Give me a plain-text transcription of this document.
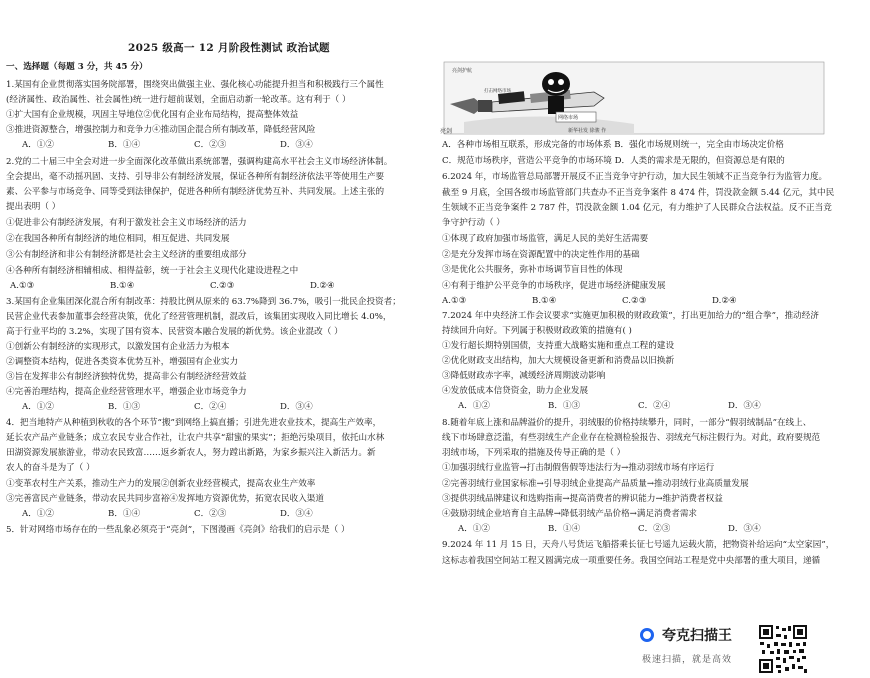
2025 级高一 12 月阶段性测试 政治试题
一、选择题（每题 3 分，共 45 分）
1.某国有企业贯彻落实国务院部署，围绕突出做强主业、强化核心功能提升担当和积极践行三个属性
(经济属性、政治属性、社会属性)统一进行超前谋划，全面启动新一轮改革。这有利于（ ）
①扩大国有企业规模，巩固主导地位②优化国有企业布局结构，提高整体效益
③推进资源整合，增强控制力和竞争力④推动国企混合所有制改革，降低经营风险
A．①②	B．①④	C．②③	D．③④
2.党的二十届三中全会对进一步全面深化改革做出系统部署，强调构建高水平社会主义市场经济体制。
全会提出，毫不动摇巩固、支持、引导非公有制经济发展，保证各种所有制经济依法平等使用生产要
素、公平参与市场竞争、同等受到法律保护，促进各种所有制经济优势互补、共同发展。上述主张的
提出表明（ ）
①促进非公有制经济发展，有利于激发社会主义市场经济的活力
②在我国各种所有制经济的地位相同，相互促进、共同发展
③公有制经济和非公有制经济都是社会主义经济的重要组成部分
④各种所有制经济相辅相成、相得益彰，统一于社会主义现代化建设进程之中
A.①③	B.①④	C.②③	D.②④
3.某国有企业集团深化混合所有制改革：持股比例从原来的 63.7%降到 36.7%，吸引一批民企投资者；
民营企业代表参加董事会经营决策，优化了经营管理机制，混改后，该集团实现收入同比增长 4.0%，
高于行业平均的 3.2%，实现了国有资本、民营资本融合发展的新优势。该企业混改（ ）
①创新公有制经济的实现形式，以激发国有企业活力为根本
②调整资本结构，促进各类资本优势互补，增强国有企业实力
③旨在发挥非公有制经济独特优势，提高非公有制经济经营效益
④完善治理结构，提高企业经营管理水平，增强企业市场竞争力
A．①②	B．①③	C．②④	D．③④
4．把当地特产从种植到秋收的各个环节“搬”到网络上搞直播；引进先进农业技术，提高生产效率，
延长农产品产业链条；成立农民专业合作社，让农户共享“甜蜜的果实”；拒绝污染项目，依托山水林
田湖资源发展旅游业，带动农民致富……返乡新农人，努力蹚出新路，为家乡振兴注入新活力。新
农人的奋斗是为了（ ）
①变革农村生产关系，推动生产力的发展②创新农业经营模式，提高农业生产效率
③完善富民产业链条，带动农民共同步富裕④发挥地方资源优势，拓宽农民收入渠道
A．①②	B．①④	C．②③	D．③④
5．针对网络市场存在的一些乱象必须亮于“亮剑”，下图漫画《亮剑》给我们的启示是（ ）
亮剑
网络市场
亮剑护航
打击网络市场
新华社发 徐骏 作
A．各种市场相互联系，形成完备的市场体系 B．强化市场规则统一，完全由市场决定价格
C．规范市场秩序，营造公平竞争的市场环境 D．人类的需求是无限的，但资源总是有限的
6.2024 年，市场监管总局部署开展反不正当竞争守护行动，加大民生领域不正当竞争行为监管力度。
截至 9 月底，全国各级市场监管部门共查办不正当竞争案件 8 474 件，罚没款金额 5.44 亿元，其中民
生领域不正当竞争案件 2 787 件，罚没款金额 1.04 亿元，有力维护了人民群众合法权益。反不正当竞
争守护行动（ ）
①体现了政府加强市场监管，满足人民的美好生活需要
②是充分发挥市场在资源配置中的决定性作用的基础
③是优化公共服务，弥补市场调节盲目性的体现
④有利于维护公平竞争的市场秩序，促进市场经济健康发展
A.①③	B.①④	C.②③	D.②④
7.2024 年中央经济工作会议要求“实施更加积极的财政政策”，打出更加给力的“组合拳”，推动经济
持续回升向好。下列属于积极财政政策的措施有( )
①发行超长期特别国债，支持重大战略实施和重点工程的建设
②优化财政支出结构，加大大规模设备更新和消费品以旧换新
③降低财政赤字率，减缓经济周期波动影响
④发放低成本信贷资金，助力企业发展
A．①②	B．①③	C．②④	D．③④
8.随着年底上涨和品牌溢价的提升，羽绒服的价格持续攀升，同时，一部分“假羽绒制品”在线上、
线下市场肆意泛滥，有些羽绒生产企业存在检测检验报告、羽绒充气标注假行为。对此，政府要规范
羽绒市场，下列采取的措施及传导正确的是（ ）
①加强羽绒行业监管→打击制假售假等违法行为→推动羽绒市场有序运行
②完善羽绒行业国家标准→引导羽绒企业提高产品质量→推动羽绒行业高质量发展
③提供羽绒品牌建议和选购指南→提高消费者的辨识能力→维护消费者权益
④鼓励羽绒企业培育自主品牌→降低羽绒产品价格→满足消费者需求
A．①②	B．①④	C．②③	D．③④
9.2024 年 11 月 15 日，天舟八号货运飞船搭乘长征七号遥九运载火箭，把物资补给运向“太空家园”，
这标志着我国空间站工程又圆满完成一项重要任务。我国空间站工程是党中央部署的重大项目，递循
夸克扫描王
极速扫描，就是高效
